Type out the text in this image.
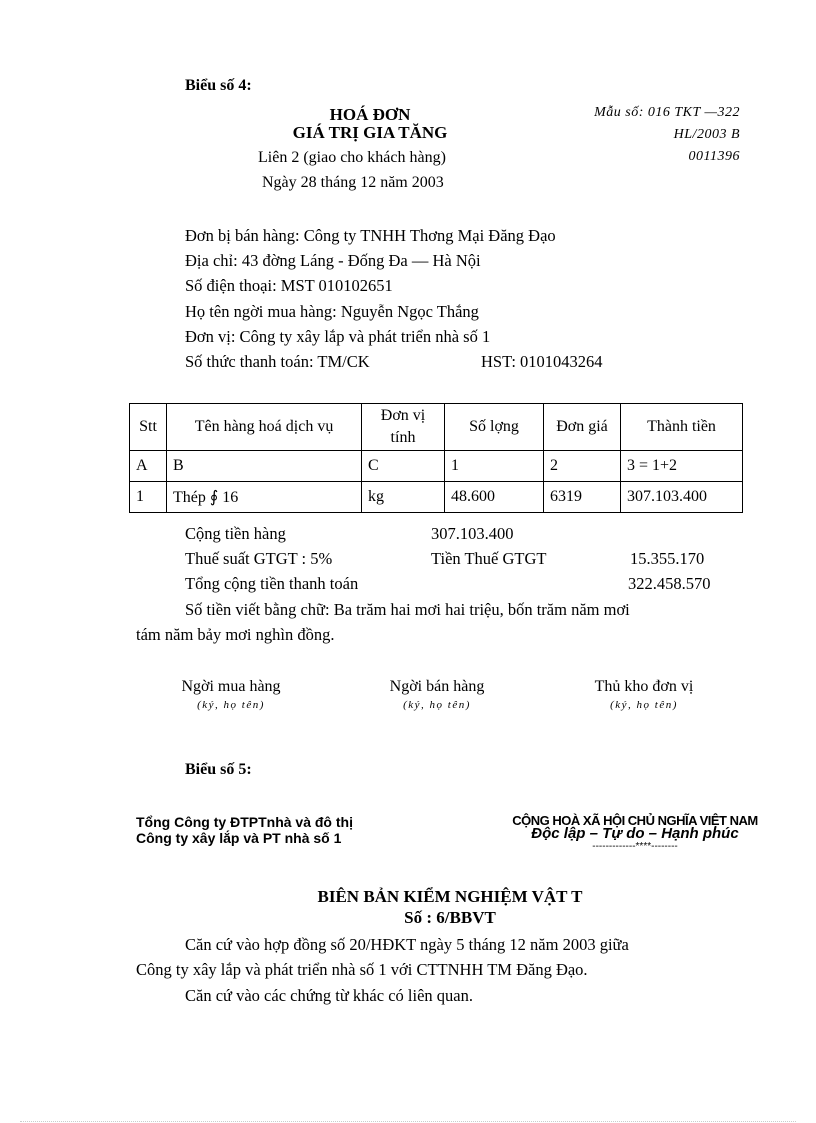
Biểu số 4:
HOÁ ĐƠN
GIÁ TRỊ GIA TĂNG
Liên 2 (giao cho khách hàng)
Ngày 28 tháng 12 năm 2003
Mẫu số: 016 TKT —322
HL/2003 B
0011396
Đơn bị bán hàng: Công ty TNHH Thơng Mại Đăng Đạo
Địa chỉ: 43 đờng Láng - Đống Đa — Hà Nội
Số điện thoại: MST 010102651
Họ tên ngời mua hàng: Nguyễn Ngọc Thắng
Đơn vị: Công ty xây lắp và phát triển nhà số 1
Số thức thanh toán: TM/CK	HST: 0101043264
Stt	Tên hàng hoá dịch vụ	Đơn vị tính	Số lợng	Đơn giá	Thành tiền
A	B	C	1	2	3 = 1+2
1	Thép ∮ 16	kg	48.600	6319	307.103.400
Cộng tiền hàng	307.103.400
Thuế suất GTGT : 5%	Tiền Thuế GTGT	15.355.170
Tổng cộng tiền thanh toán	322.458.570
Số tiền viết bằng chữ: Ba trăm hai mơi hai triệu, bốn trăm năm mơi
tám năm bảy mơi nghìn đồng.
Ngời mua hàng
(ký, họ tên)
Ngời bán hàng
(ký, họ tên)
Thủ kho đơn vị
(ký, họ tên)
Biểu số 5:
Tổng Công ty ĐTPTnhà và đô thị
Công ty xây lắp và PT nhà số 1
CỘNG HOÀ XÃ HỘI CHỦ NGHĨA VIỆT NAM
Độc lập – Tự do – Hạnh phúc
-------------****--------
BIÊN BẢN KIỂM NGHIỆM VẬT T
Số : 6/BBVT
Căn cứ vào hợp đồng số 20/HĐKT ngày 5 tháng 12 năm 2003 giữa
Công ty xây lắp và phát triển nhà số 1 với CTTNHH TM Đăng Đạo.
Căn cứ vào các chứng từ khác có liên quan.
